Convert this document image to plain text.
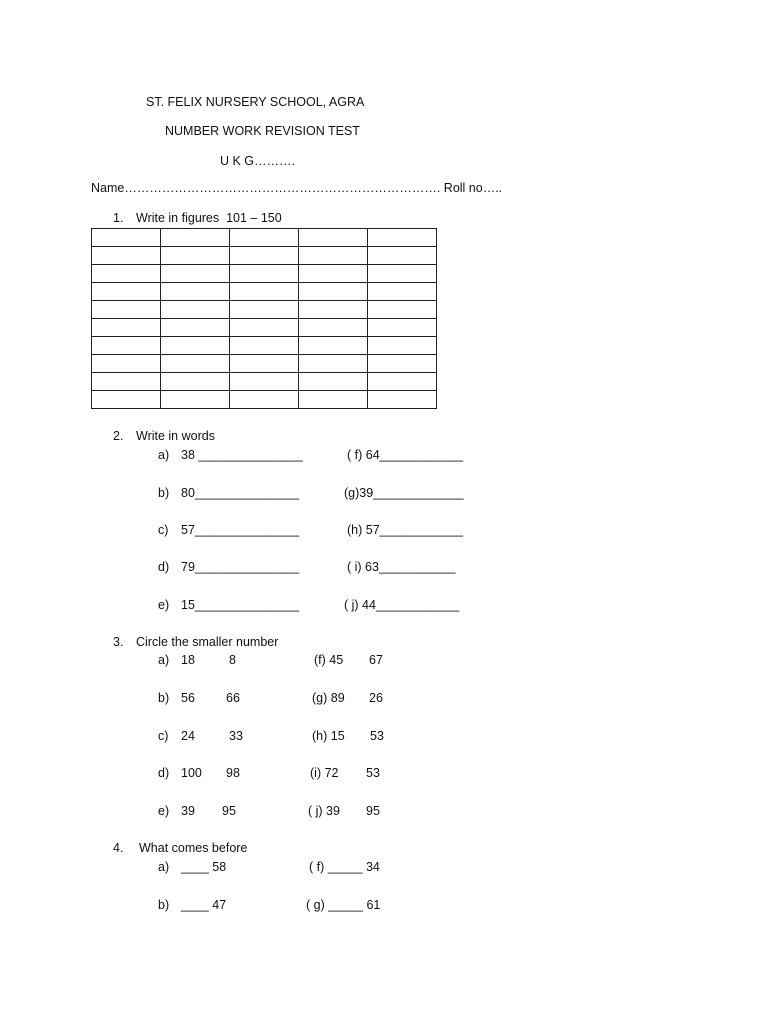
ST. FELIX NURSERY SCHOOL, AGRA
NUMBER WORK REVISION TEST
U K G……….
Name…………………………………………………………………. Roll no…..
1. Write in figures  101 – 150

2. Write in words
a) 38 _______________	( f) 64____________
b) 80_______________	(g)39_____________
c) 57_______________	(h) 57____________
d) 79_______________	( i) 63___________
e) 15_______________	( j) 44____________
3. Circle the smaller number
a) 18	8	(f) 45 67
b) 56 66	(g) 89 26
c) 24	33	(h) 15 53
d) 100 98	(i) 72 53
e) 39 95	( j) 39 95
4. What comes before
a) ____ 58	( f) _____ 34
b) ____ 47	( g) _____ 61
